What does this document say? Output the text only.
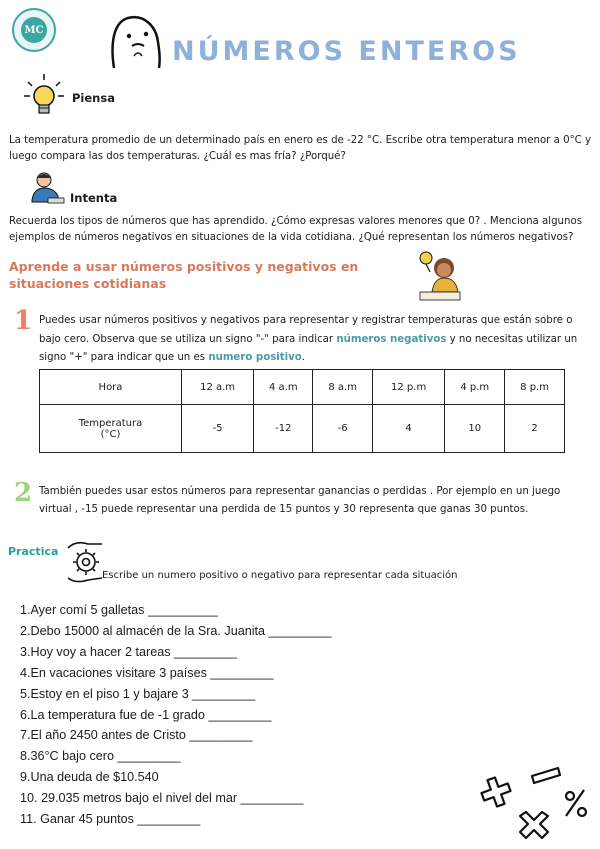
MC
NÚMEROS ENTEROS
Piensa
La temperatura promedio de un determinado país en enero es de -22 °C. Escribe otra temperatura menor a 0°C y luego compara las dos temperaturas. ¿Cuál es mas fría? ¿Porqué?
Intenta
Recuerda los tipos de números que has aprendido. ¿Cómo expresas valores menores que 0? . Menciona algunos ejemplos de números negativos en situaciones de la vida cotidiana. ¿Qué representan los números negativos?
Aprende a usar números positivos y negativos en situaciones cotidianas
1 Puedes usar números positivos y negativos para representar y registrar temperaturas que están sobre o bajo cero. Observa que se utiliza un signo "-" para indicar números negativos y no necesitas utilizar un signo "+" para indicar que un es numero positivo.
Hora	12 a.m	4 a.m	8 a.m	12 p.m	4 p.m	8 p.m

Temperatura
(°C)	-5	-12	-6	4	10	2
2 También puedes usar estos números para representar ganancias o perdidas . Por ejemplo en un juego virtual , -15 puede representar una perdida de 15 puntos y 30 representa que ganas 30 puntos.
Practica
Escribe un numero positivo o negativo para representar cada situación
1.Ayer comí 5 galletas __________
2.Debo 15000 al almacén de la Sra. Juanita _________
3.Hoy voy a hacer 2 tareas _________
4.En vacaciones visitare 3 países _________
5.Estoy en el piso 1 y bajare 3 _________
6.La temperatura fue de -1 grado _________
7.El año 2450 antes de Cristo _________
8.36°C bajo cero _________
9.Una deuda de $10.540
10. 29.035 metros bajo el nivel del mar _________
11. Ganar 45 puntos _________
